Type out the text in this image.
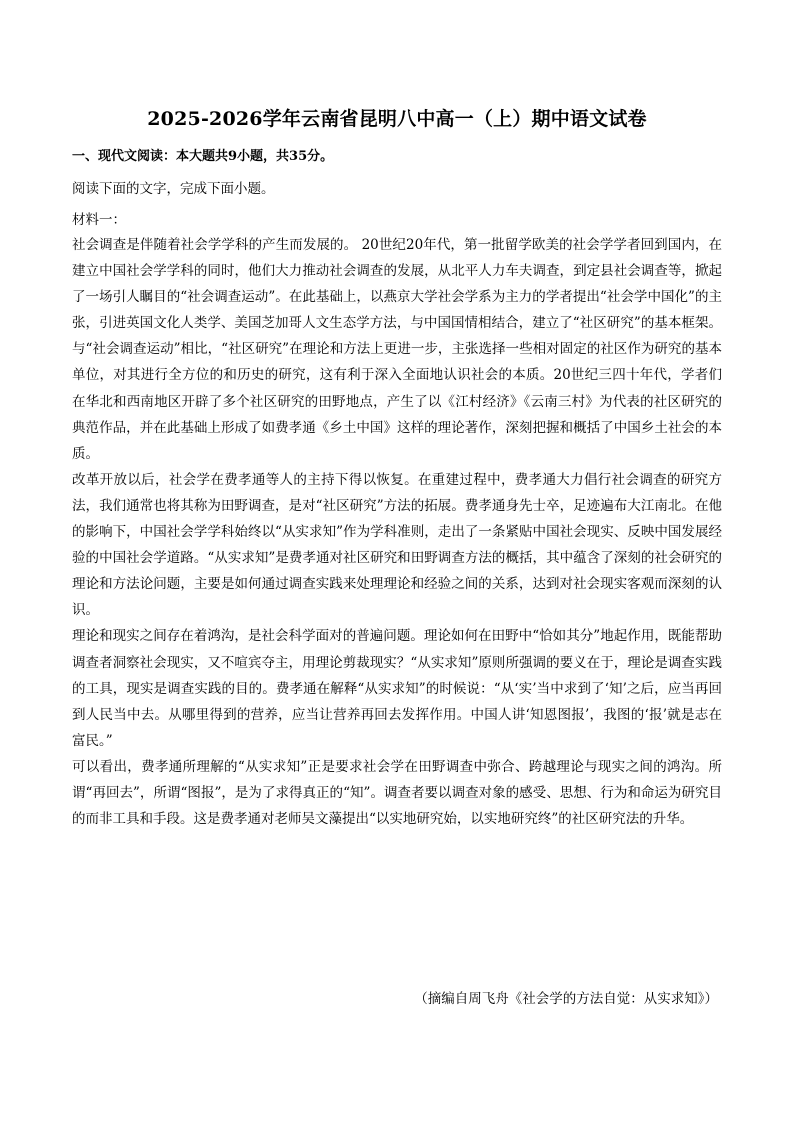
2025-2026学年云南省昆明八中高一（上）期中语文试卷
一、现代文阅读：本大题共9小题，共35分。
阅读下面的文字，完成下面小题。
材料一：

社会调查是伴随着社会学学科的产生而发展的。 20世纪20年代，第一批留学欧美的社会学学者回到国内，在建立中国社会学学科的同时，他们大力推动社会调查的发展，从北平人力车夫调查，到定县社会调查等，掀起了一场引人瞩目的“社会调查运动”。在此基础上，以燕京大学社会学系为主力的学者提出“社会学中国化”的主张，引进英国文化人类学、美国芝加哥人文生态学方法，与中国国情相结合，建立了“社区研究”的基本框架。与“社会调查运动”相比，“社区研究”在理论和方法上更进一步，主张选择一些相对固定的社区作为研究的基本单位，对其进行全方位的和历史的研究，这有利于深入全面地认识社会的本质。20世纪三四十年代，学者们在华北和西南地区开辟了多个社区研究的田野地点，产生了以《江村经济》《云南三村》为代表的社区研究的典范作品，并在此基础上形成了如费孝通《乡土中国》这样的理论著作，深刻把握和概括了中国乡土社会的本质。

改革开放以后，社会学在费孝通等人的主持下得以恢复。在重建过程中，费孝通大力倡行社会调查的研究方法，我们通常也将其称为田野调查，是对“社区研究”方法的拓展。费孝通身先士卒，足迹遍布大江南北。在他的影响下，中国社会学学科始终以“从实求知”作为学科准则，走出了一条紧贴中国社会现实、反映中国发展经验的中国社会学道路。“从实求知”是费孝通对社区研究和田野调查方法的概括，其中蕴含了深刻的社会研究的理论和方法论问题，主要是如何通过调查实践来处理理论和经验之间的关系，达到对社会现实客观而深刻的认识。

理论和现实之间存在着鸿沟，是社会科学面对的普遍问题。理论如何在田野中“恰如其分”地起作用，既能帮助调查者洞察社会现实，又不喧宾夺主，用理论剪裁现实？“从实求知”原则所强调的要义在于，理论是调查实践的工具，现实是调查实践的目的。费孝通在解释“从实求知”的时候说：“从‘实’当中求到了‘知’之后，应当再回到人民当中去。从哪里得到的营养，应当让营养再回去发挥作用。中国人讲‘知恩图报’，我图的‘报’就是志在富民。”

可以看出，费孝通所理解的“从实求知”正是要求社会学在田野调查中弥合、跨越理论与现实之间的鸿沟。所谓“再回去”，所谓“图报”，是为了求得真正的“知”。调查者要以调查对象的感受、思想、行为和命运为研究目的而非工具和手段。这是费孝通对老师吴文藻提出“以实地研究始，以实地研究终”的社区研究法的升华。

（摘编自周飞舟《社会学的方法自觉：从实求知》）
